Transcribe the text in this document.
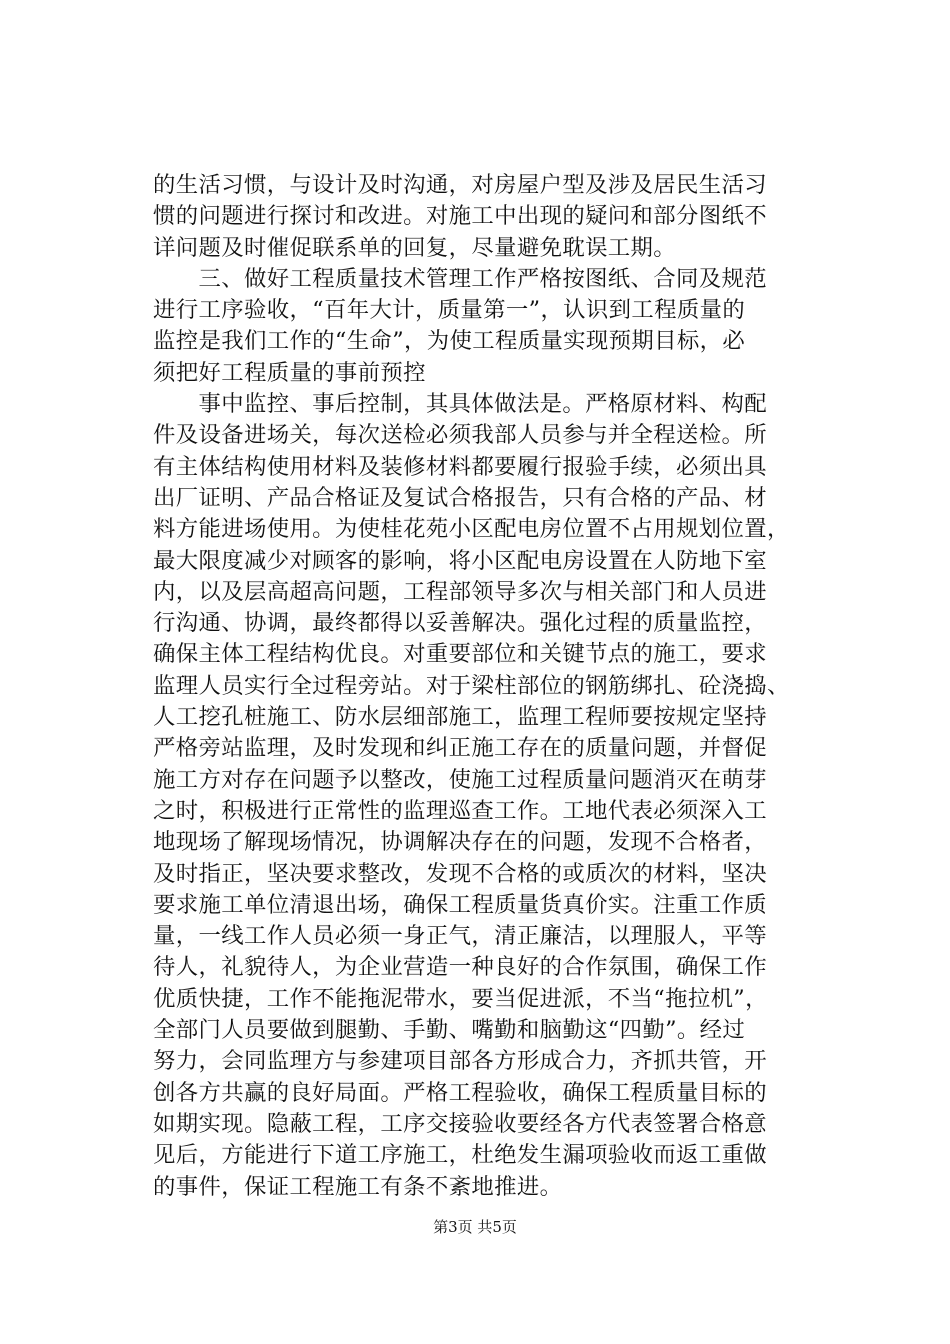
的生活习惯，与设计及时沟通，对房屋户型及涉及居民生活习
惯的问题进行探讨和改进。对施工中出现的疑问和部分图纸不
详问题及时催促联系单的回复，尽量避免耽误工期。

　　三、做好工程质量技术管理工作严格按图纸、合同及规范
进行工序验收，“百年大计，质量第一”，认识到工程质量的
监控是我们工作的“生命”，为使工程质量实现预期目标，必
须把好工程质量的事前预控

　　事中监控、事后控制，其具体做法是。严格原材料、构配
件及设备进场关，每次送检必须我部人员参与并全程送检。所
有主体结构使用材料及装修材料都要履行报验手续，必须出具
出厂证明、产品合格证及复试合格报告，只有合格的产品、材
料方能进场使用。为使桂花苑小区配电房位置不占用规划位置，
最大限度减少对顾客的影响，将小区配电房设置在人防地下室
内，以及层高超高问题，工程部领导多次与相关部门和人员进
行沟通、协调，最终都得以妥善解决。强化过程的质量监控，
确保主体工程结构优良。对重要部位和关键节点的施工，要求
监理人员实行全过程旁站。对于梁柱部位的钢筋绑扎、砼浇捣、
人工挖孔桩施工、防水层细部施工，监理工程师要按规定坚持
严格旁站监理，及时发现和纠正施工存在的质量问题，并督促
施工方对存在问题予以整改，使施工过程质量问题消灭在萌芽
之时，积极进行正常性的监理巡查工作。工地代表必须深入工
地现场了解现场情况，协调解决存在的问题，发现不合格者，
及时指正，坚决要求整改，发现不合格的或质次的材料，坚决
要求施工单位清退出场，确保工程质量货真价实。注重工作质
量，一线工作人员必须一身正气，清正廉洁，以理服人，平等
待人，礼貌待人，为企业营造一种良好的合作氛围，确保工作
优质快捷，工作不能拖泥带水，要当促进派，不当“拖拉机”，
全部门人员要做到腿勤、手勤、嘴勤和脑勤这“四勤”。经过
努力，会同监理方与参建项目部各方形成合力，齐抓共管，开
创各方共赢的良好局面。严格工程验收，确保工程质量目标的
如期实现。隐蔽工程，工序交接验收要经各方代表签署合格意
见后，方能进行下道工序施工，杜绝发生漏项验收而返工重做
的事件，保证工程施工有条不紊地推进。

第3页 共5页
